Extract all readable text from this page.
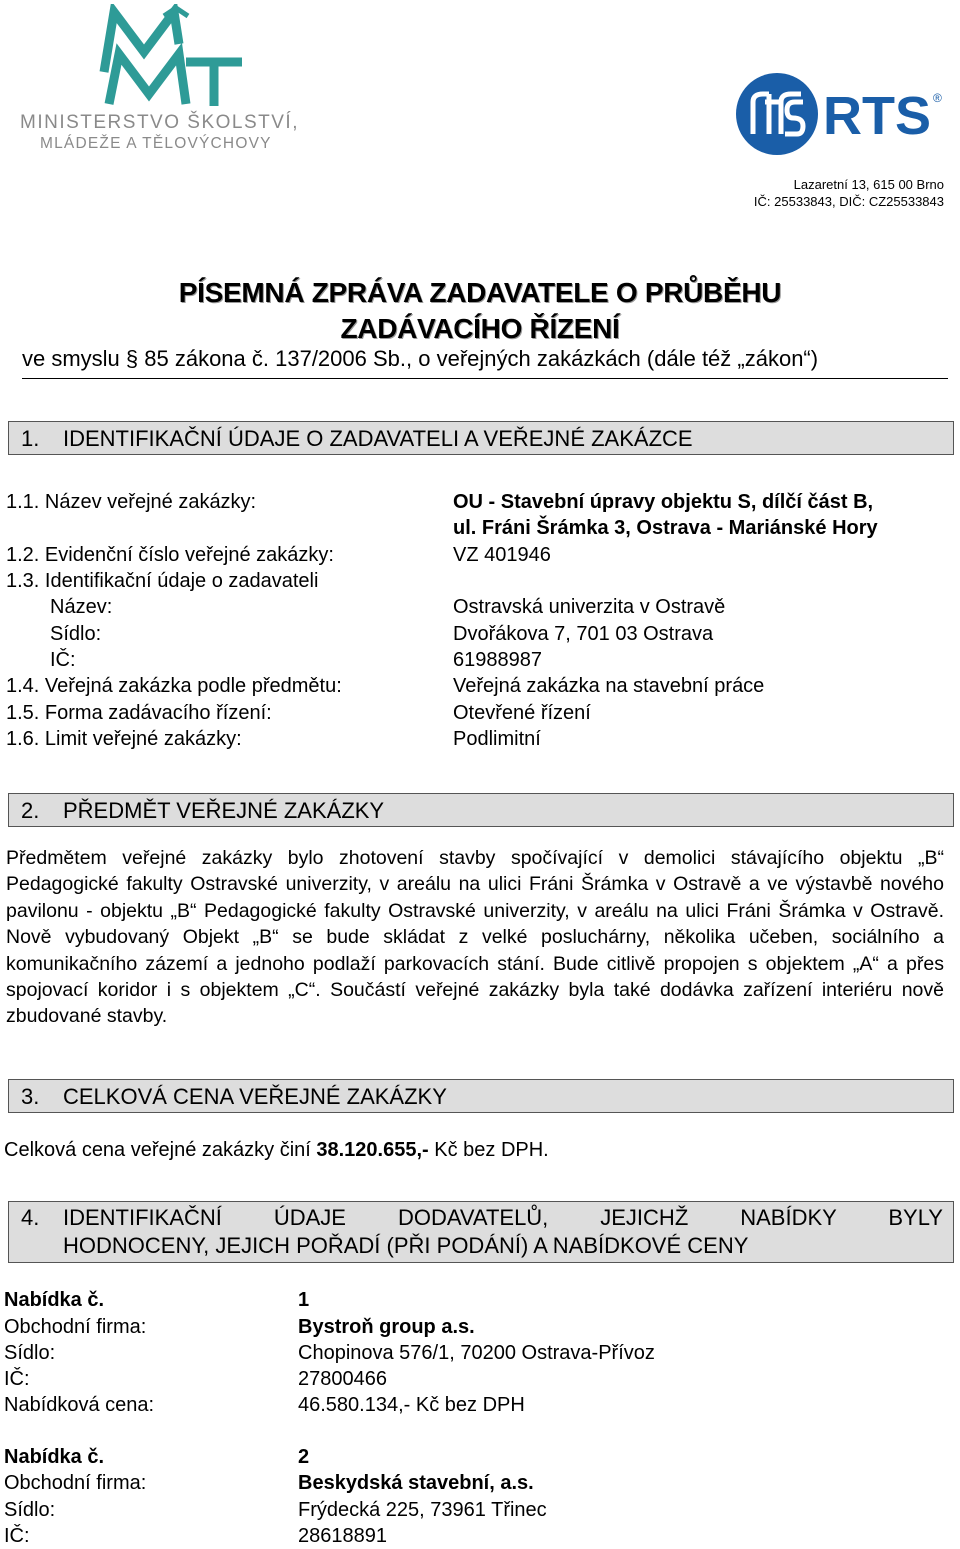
MINISTERSTVO ŠKOLSTVÍ,
MLÁDEŽE A TĚLOVÝCHOVY	RTS ®
Lazaretní 13, 615 00 Brno
IČ: 25533843, DIČ: CZ25533843
PÍSEMNÁ ZPRÁVA ZADAVATELE O PRŮBĚHU
ZADÁVACÍHO ŘÍZENÍ
ve smyslu § 85 zákona č. 137/2006 Sb., o veřejných zakázkách (dále též „zákon“)
1. IDENTIFIKAČNÍ ÚDAJE O ZADAVATELI A VEŘEJNÉ ZAKÁZCE
1.1. Název veřejné zakázky:	OU - Stavební úpravy objektu S, dílčí část B,
ul. Fráni Šrámka 3, Ostrava - Mariánské Hory
1.2. Evidenční číslo veřejné zakázky:	VZ 401946
1.3. Identifikační údaje o zadavateli
Název:	Ostravská univerzita v Ostravě
Sídlo:	Dvořákova 7, 701 03 Ostrava
IČ:	61988987
1.4. Veřejná zakázka podle předmětu:	Veřejná zakázka na stavební práce
1.5. Forma zadávacího řízení:	Otevřené řízení
1.6. Limit veřejné zakázky:	Podlimitní
2. PŘEDMĚT VEŘEJNÉ ZAKÁZKY
Předmětem veřejné zakázky bylo zhotovení stavby spočívající v demolici stávajícího objektu „B“ Pedagogické fakulty Ostravské univerzity, v areálu na ulici Fráni Šrámka v Ostravě a ve výstavbě nového pavilonu - objektu „B“ Pedagogické fakulty Ostravské univerzity, v areálu na ulici Fráni Šrámka v Ostravě. Nově vybudovaný Objekt „B“ se bude skládat z velké posluchárny, několika učeben, sociálního a komunikačního zázemí a jednoho podlaží parkovacích stání. Bude citlivě propojen s objektem „A“ a přes spojovací koridor i s objektem „C“. Součástí veřejné zakázky byla také dodávka zařízení interiéru nově zbudované stavby.
3. CELKOVÁ CENA VEŘEJNÉ ZAKÁZKY
Celková cena veřejné zakázky činí 38.120.655,- Kč bez DPH.
4. IDENTIFIKAČNÍ ÚDAJE DODAVATELŮ, JEJICHŽ NABÍDKY BYLY
HODNOCENY, JEJICH POŘADÍ (PŘI PODÁNÍ) A NABÍDKOVÉ CENY
Nabídka č.	1
Obchodní firma:	Bystroň group a.s.
Sídlo:	Chopinova 576/1, 70200 Ostrava-Přívoz
IČ:	27800466
Nabídková cena:	46.580.134,- Kč bez DPH
Nabídka č.	2
Obchodní firma:	Beskydská stavební, a.s.
Sídlo:	Frýdecká 225, 73961 Třinec
IČ:	28618891
